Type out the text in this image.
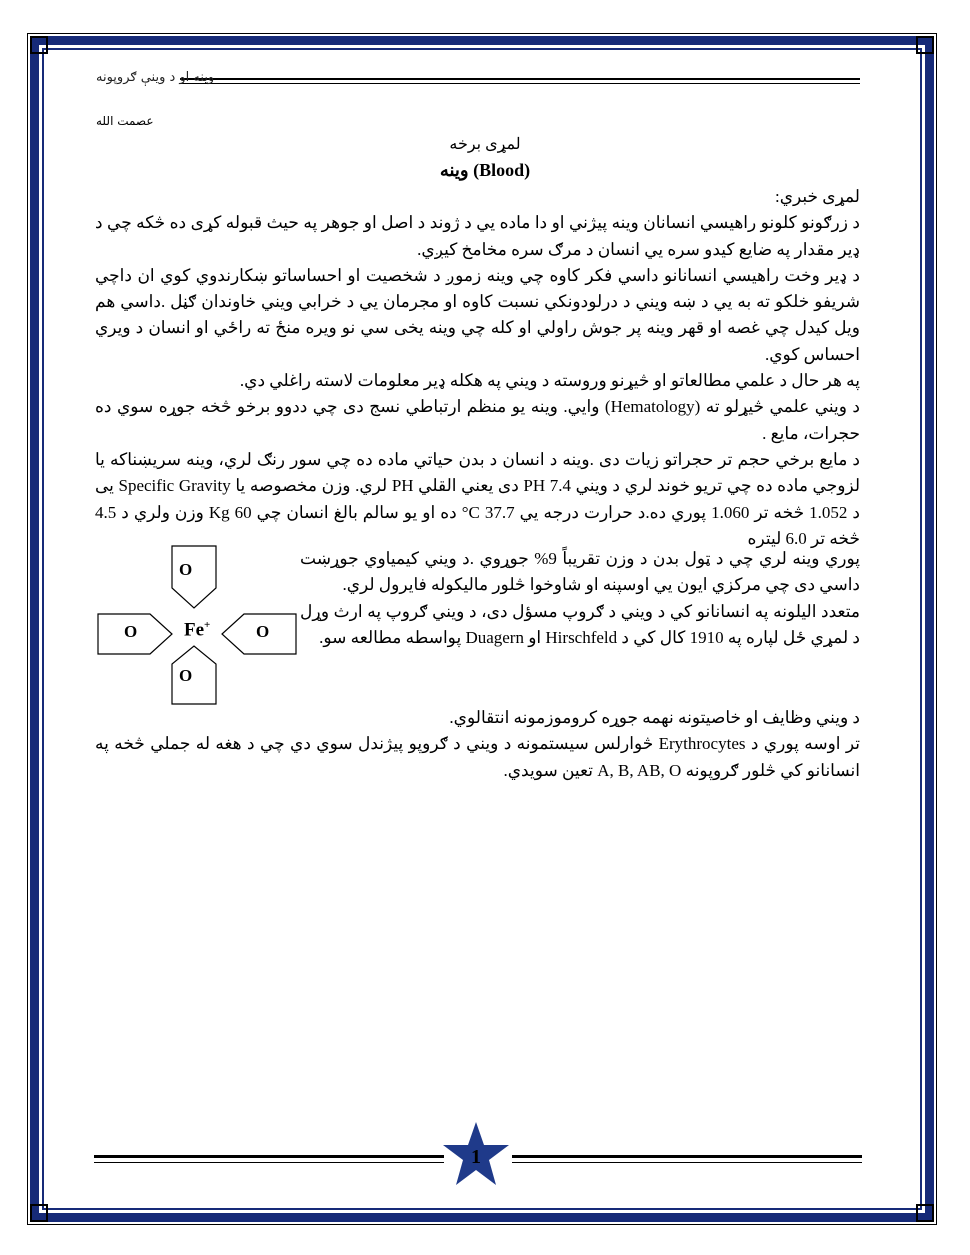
وینه او د وینې ګروپونه
عصمت الله
لمړی برخه
وینه (Blood)

لمړی خبري:

د زرګونو کلونو راهیسي انسانان وینه پیژني او دا ماده یي د ژوند د اصل او جوهر په حیث قبوله کړی ده څکه چي د ډیر مقدار په ضایع کیدو سره یي انسان د مرګ سره مخامخ کیږي.

د ډیر وخت راهیسي انسانانو داسي فکر کاوه چي وینه زموږ د شخصیت او احساساتو ښکارندوي کوي ان داچي شریفو خلکو ته به یي د ښه ویني د درلودونکي نسبت کاوه او مجرمان یي د خرابي ویني خاوندان ګڼل .داسي هم ویل کیدل چي غصه او قهر وینه پر جوش راولي او کله چي وینه یخی سي نو ویره منځ ته راځي او انسان د ویري احساس کوي.

په هر حال د علمي مطالعاتو او څیړنو وروسته د ویني په هکله ډیر معلومات لاسته راغلي دي.

د ویني علمي څیړلو ته (Hematology) وایي. وینه یو منظم ارتباطي نسج دی چي ددوو برخو څخه جوړه سوي ده حجرات، مایع .

د مایع برخي حجم تر حجراتو زیات دی .وینه د انسان د بدن حیاتي ماده ده چي سور رنګ لري، وینه سریښناکه یا لزوجي ماده ده چي تریو خوند لري د ویني PH 7.4 دی یعني القلي PH لري. وزن مخصوصه یا Specific Gravity یی د 1.052 څخه تر 1.060 پوري ده.د حرارت درجه یي 37.7 C° ده او یو سالم بالغ انسان چي 60 Kg وزن ولري د 4.5 څخه تر 6.0 لیتره

پوري وینه لري چي د ټول بدن د وزن تقریباً 9% جوړوي .د ویني کیمیاوي جوړښت داسي دی چي مرکزي ایون یي اوسپنه او شاوخوا څلور مالیکوله فایرول لري.

متعدد الیلونه په انسانانو کي د ویني د ګروپ مسؤل دی، د ویني ګروپ په ارث وړل د لمړي ځل لپاره په 1910 کال کي د Hirschfeld او Duagern پواسطه مطالعه سو.

د ویني وظایف او خاصیتونه نهمه جوړه کروموزمونه انتقالوي.

تر اوسه پوري د Erythrocytes څوارلس سیستمونه د ویني د ګروپو پیژندل سوي دي چي د هغه له جملي څخه په انسانانو کي څلور ګروپونه A, B, AB, O تعین سویدي.

O
O
O	O
Fe+
1
